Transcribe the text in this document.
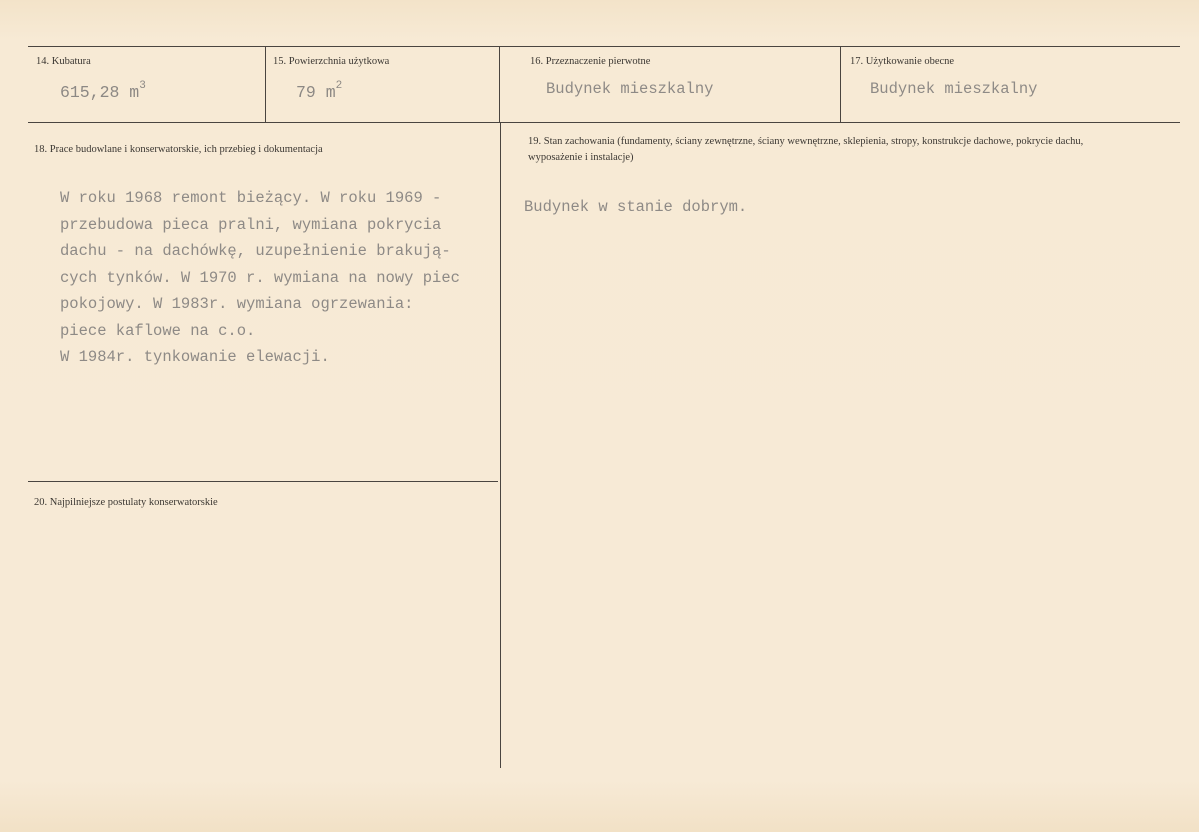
14. Kubatura
615,28 $m^3$
15. Powierzchnia użytkowa
79 $m^2$
16. Przeznaczenie pierwotne
Budynek mieszkalny
17. Użytkowanie obecne
Budynek mieszkalny
18. Prace budowlane i konserwatorskie, ich przebieg i dokumentacja
W roku 1968 remont bieżący. W roku 1969 -
przebudowa pieca pralni, wymiana pokrycia
dachu - na dachówkę, uzupełnienie brakują-
cych tynków. W 1970 r. wymiana na nowy piec
pokojowy. W 1983r. wymiana ogrzewania:
piece kaflowe na c.o.
W 1984r. tynkowanie elewacji.
19. Stan zachowania (fundamenty, ściany zewnętrzne, ściany wewnętrzne, sklepienia, stropy, konstrukcje dachowe, pokrycie dachu, wyposażenie i instalacje)
Budynek w stanie dobrym.
20. Najpilniejsze postulaty konserwatorskie
